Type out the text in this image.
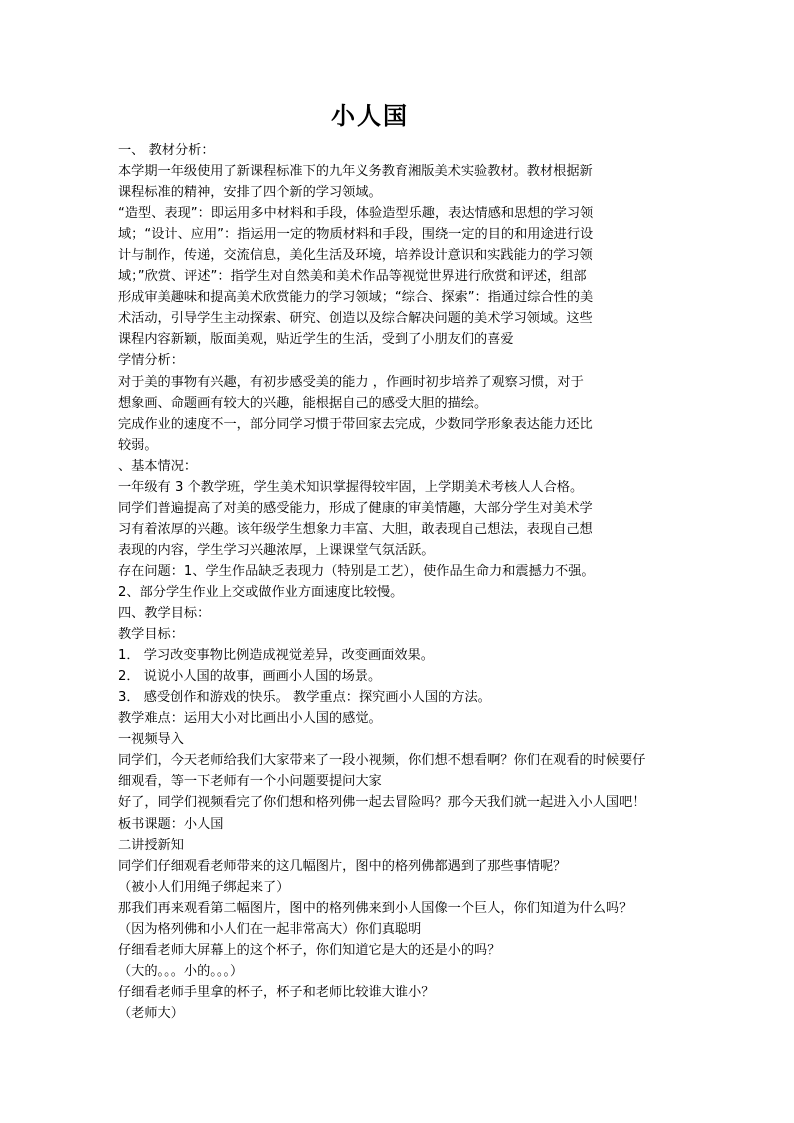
小人国
一、 教材分析：
本学期一年级使用了新课程标准下的九年义务教育湘版美术实验教材。教材根据新
课程标准的精神，安排了四个新的学习领域。
“造型、表现”：即运用多中材料和手段，体验造型乐趣，表达情感和思想的学习领
域；“设计、应用”：指运用一定的物质材料和手段，围绕一定的目的和用途进行设
计与制作，传递，交流信息，美化生活及环境，培养设计意识和实践能力的学习领
域；”欣赏、评述”：指学生对自然美和美术作品等视觉世界进行欣赏和评述，组部
形成审美趣味和提高美术欣赏能力的学习领域；“综合、探索”：指通过综合性的美
术活动，引导学生主动探索、研究、创造以及综合解决问题的美术学习领域。这些
课程内容新颖，版面美观，贴近学生的生活，受到了小朋友们的喜爱
学情分析：
对于美的事物有兴趣，有初步感受美的能力 ，作画时初步培养了观察习惯，对于
想象画、命题画有较大的兴趣，能根据自己的感受大胆的描绘。
完成作业的速度不一，部分同学习惯于带回家去完成，少数同学形象表达能力还比
较弱。
、基本情况：
一年级有 3 个教学班，学生美术知识掌握得较牢固，上学期美术考核人人合格。
同学们普遍提高了对美的感受能力，形成了健康的审美情趣，大部分学生对美术学
习有着浓厚的兴趣。该年级学生想象力丰富、大胆，敢表现自己想法，表现自己想
表现的内容，学生学习兴趣浓厚，上课课堂气氛活跃。
存在问题：1、学生作品缺乏表现力（特别是工艺），使作品生命力和震撼力不强。
2、部分学生作业上交或做作业方面速度比较慢。
四、教学目标：
教学目标：
1． 学习改变事物比例造成视觉差异，改变画面效果。
2． 说说小人国的故事，画画小人国的场景。
3． 感受创作和游戏的快乐。 教学重点：探究画小人国的方法。
教学难点：运用大小对比画出小人国的感觉。
一视频导入
同学们，今天老师给我们大家带来了一段小视频，你们想不想看啊？你们在观看的时候要仔
细观看，等一下老师有一个小问题要提问大家
好了，同学们视频看完了你们想和格列佛一起去冒险吗？那今天我们就一起进入小人国吧！
板书课题：小人国
二讲授新知
同学们仔细观看老师带来的这几幅图片，图中的格列佛都遇到了那些事情呢？
（被小人们用绳子绑起来了）
那我们再来观看第二幅图片，图中的格列佛来到小人国像一个巨人，你们知道为什么吗？
（因为格列佛和小人们在一起非常高大）你们真聪明
仔细看老师大屏幕上的这个杯子，你们知道它是大的还是小的吗？
（大的。。。小的。。。）
仔细看老师手里拿的杯子，杯子和老师比较谁大谁小？
（老师大）
